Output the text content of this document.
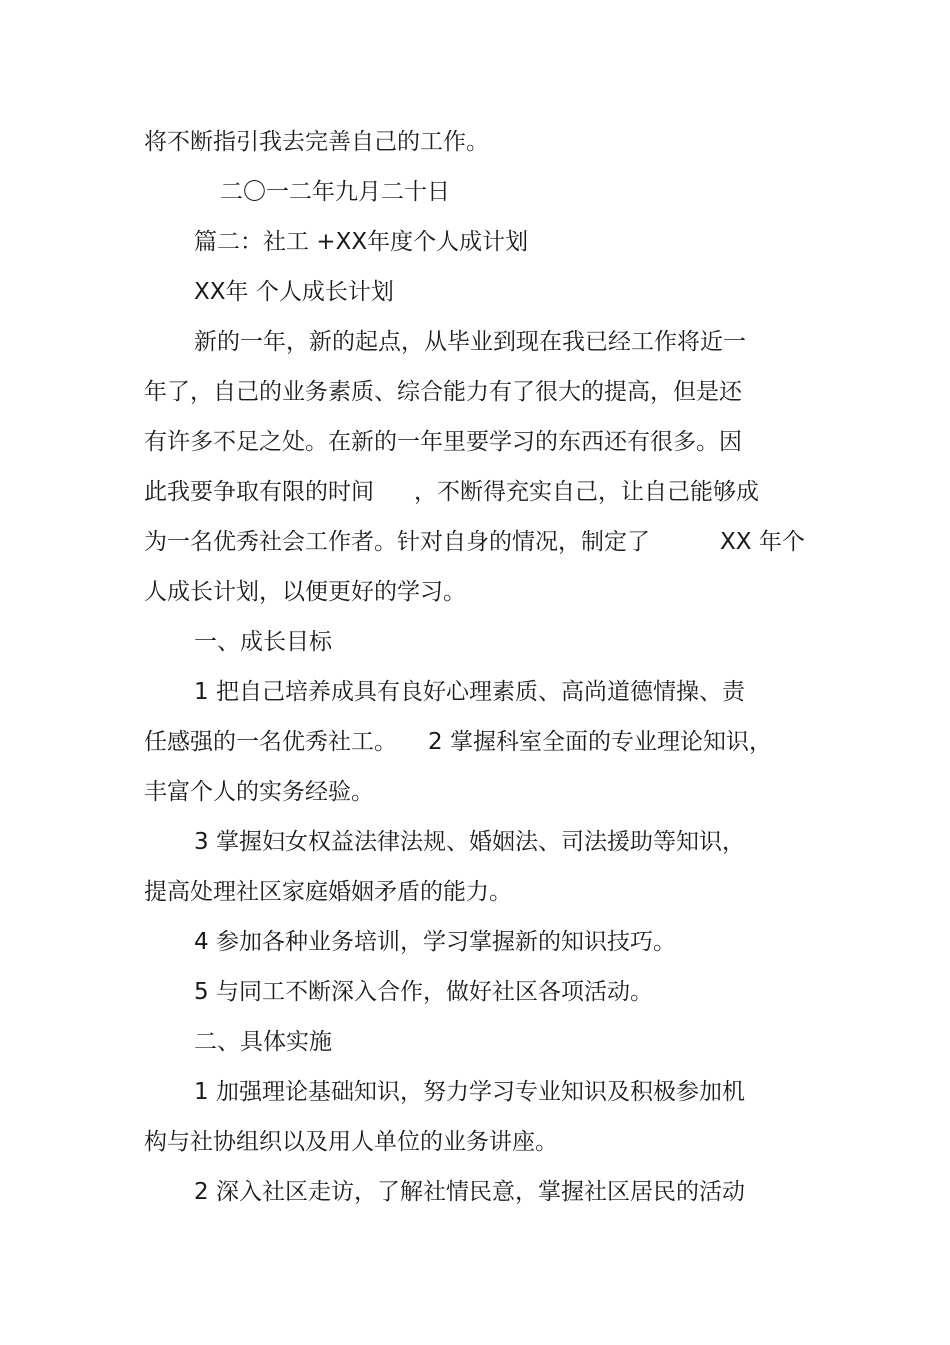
将不断指引我去完善自己的工作。
二〇一二年九月二十日
篇二：社工 +XX年度个人成计划
XX年 个人成长计划
新的一年，新的起点，从毕业到现在我已经工作将近一
年了，自己的业务素质、综合能力有了很大的提高，但是还
有许多不足之处。在新的一年里要学习的东西还有很多。因
此我要争取有限的时间 ，不断得充实自己，让自己能够成
为一名优秀社会工作者。针对自身的情况，制定了	XX 年个
人成长计划，以便更好的学习。
一、成长目标
1 把自己培养成具有良好心理素质、高尚道德情操、责
任感强的一名优秀社工。 2 掌握科室全面的专业理论知识，
丰富个人的实务经验。
3 掌握妇女权益法律法规、婚姻法、司法援助等知识，
提高处理社区家庭婚姻矛盾的能力。
4 参加各种业务培训，学习掌握新的知识技巧。
5 与同工不断深入合作，做好社区各项活动。
二、具体实施
1 加强理论基础知识，努力学习专业知识及积极参加机
构与社协组织以及用人单位的业务讲座。
2 深入社区走访，了解社情民意，掌握社区居民的活动
